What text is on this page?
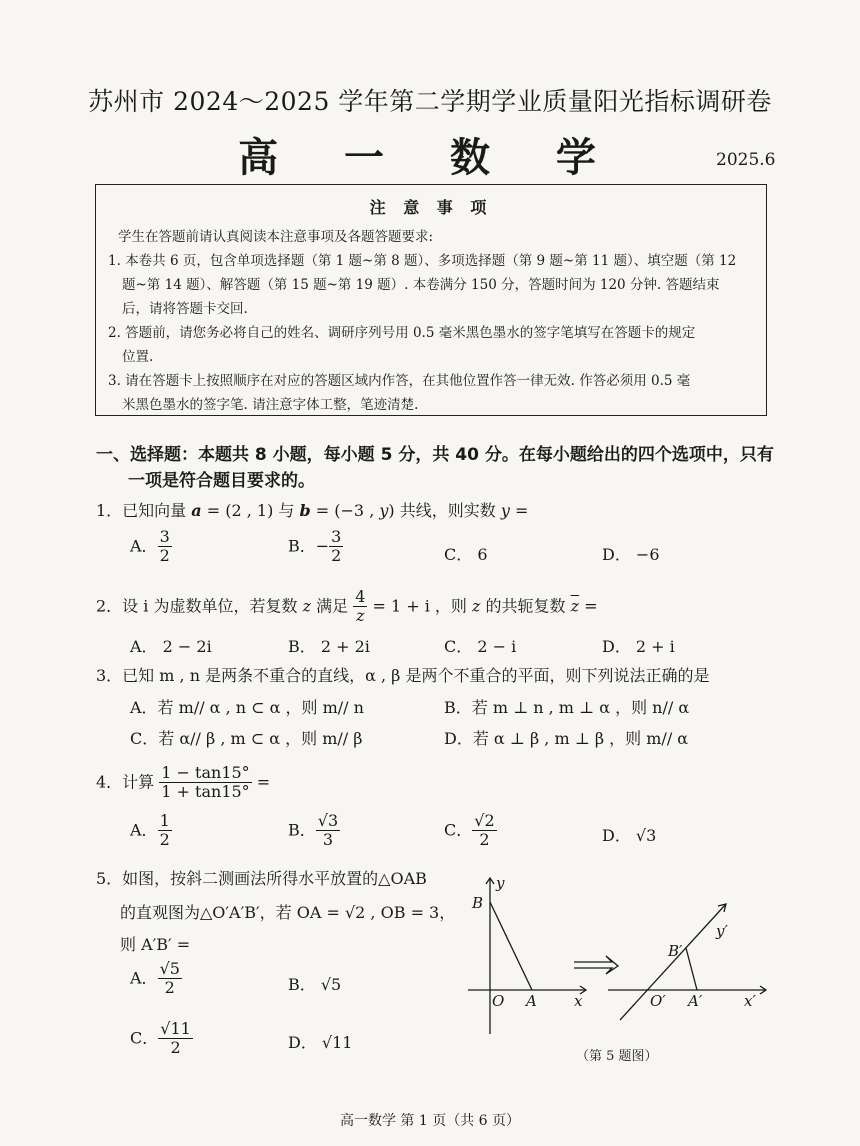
苏州市 2024～2025 学年第二学期学业质量阳光指标调研卷
高 一 数 学	2025.6
注 意 事 项
学生在答题前请认真阅读本注意事项及各题答题要求:
1. 本卷共 6 页，包含单项选择题（第 1 题~第 8 题）、多项选择题（第 9 题~第 11 题）、填空题（第 12
题~第 14 题）、解答题（第 15 题~第 19 题）. 本卷满分 150 分，答题时间为 120 分钟. 答题结束
后，请将答题卡交回.
2. 答题前，请您务必将自己的姓名、调研序列号用 0.5 毫米黑色墨水的签字笔填写在答题卡的规定
位置.
3. 请在答题卡上按照顺序在对应的答题区域内作答，在其他位置作答一律无效. 作答必须用 0.5 毫
米黑色墨水的签字笔. 请注意字体工整，笔迹清楚.
一、选择题：本题共 8 小题，每小题 5 分，共 40 分。在每小题给出的四个选项中，只有
一项是符合题目要求的。
1．已知向量 a = (2 , 1) 与 b = (−3 , y) 共线，则实数 y =
A． $\frac{3}{2}$	B．− $\frac{3}{2}$	C． 6	D． −6
2．设 i 为虚数单位，若复数 z 满足 $\frac{4}{z} = 1 + i$ ，则 z 的共轭复数 $\overline{z}$ =
A． 2 − 2i	B． 2 + 2i	C． 2 − i	D． 2 + i
3．已知 m , n 是两条不重合的直线，α , β 是两个不重合的平面，则下列说法正确的是
A．若 m// α , n ⊂ α ，则 m// n	B．若 m ⊥ n , m ⊥ α ，则 n// α
C．若 α// β , m ⊂ α ，则 m// β	D．若 α ⊥ β , m ⊥ β ，则 m// α
4．计算 $\frac{1 - \tan 15^\circ}{1 + \tan 15^\circ}$ =
A． $\frac{1}{2}$	B． $\frac{√3}{3}$	C． $\frac{√2}{2}$	D． √3
5．如图，按斜二测画法所得水平放置的△OAB
的直观图为△O′A′B′，若 OA = √2 , OB = 3，
则 A′B′ =
A． $\frac{√5}{2}$	B． √5
C． $\frac{√11}{2}$	D． √11
y
B
O A x
y′
B′
O′ A′	x′
（第 5 题图）
高一数学 第 1 页（共 6 页）
